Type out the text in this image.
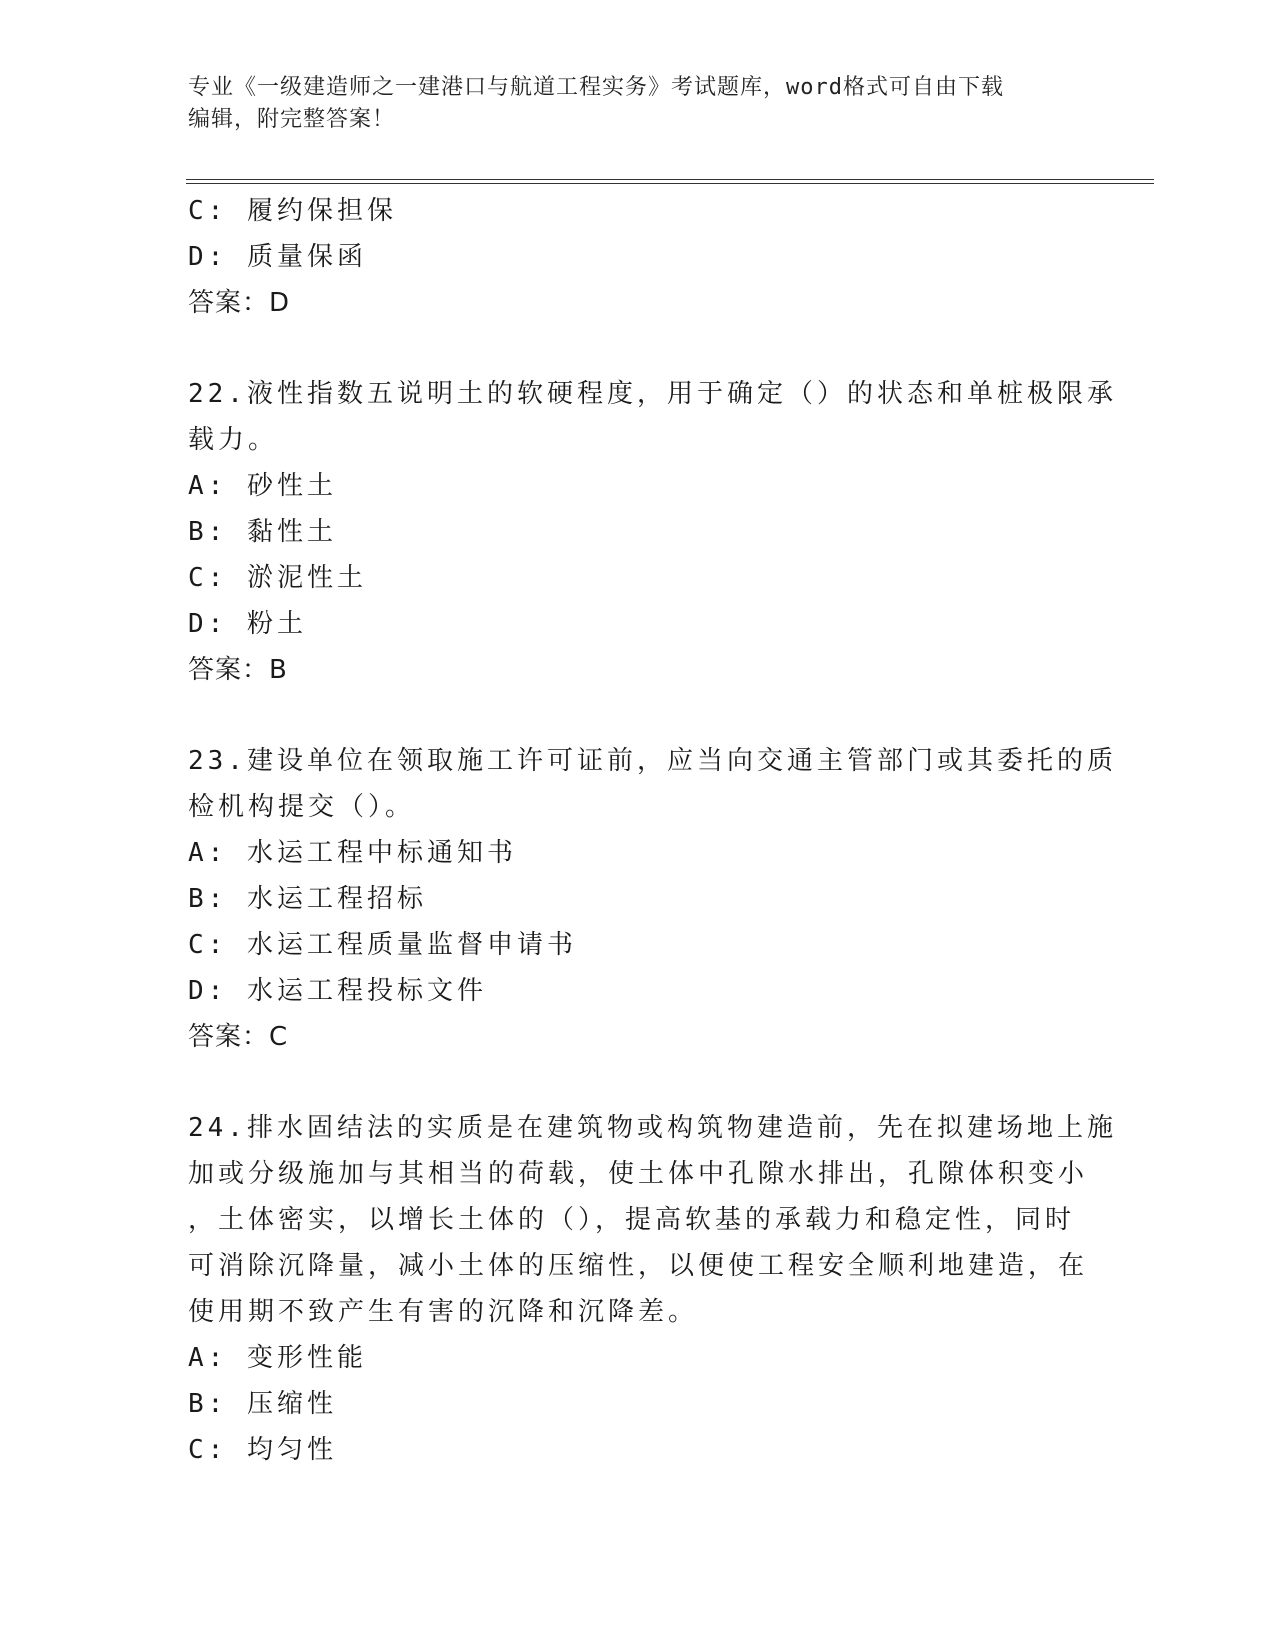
专业《一级建造师之一建港口与航道工程实务》考试题库，word格式可自由下载
编辑，附完整答案！
C: 履约保担保
D: 质量保函
答案：D
22.液性指数五说明土的软硬程度，用于确定（）的状态和单桩极限承
载力。
A: 砂性土
B: 黏性土
C: 淤泥性土
D: 粉土
答案：B
23.建设单位在领取施工许可证前，应当向交通主管部门或其委托的质
检机构提交（）。
A: 水运工程中标通知书
B: 水运工程招标
C: 水运工程质量监督申请书
D: 水运工程投标文件
答案：C
24.排水固结法的实质是在建筑物或构筑物建造前，先在拟建场地上施
加或分级施加与其相当的荷载，使土体中孔隙水排出，孔隙体积变小
，土体密实，以增长土体的（），提高软基的承载力和稳定性，同时
可消除沉降量，减小土体的压缩性，以便使工程安全顺利地建造，在
使用期不致产生有害的沉降和沉降差。
A: 变形性能
B: 压缩性
C: 均匀性
